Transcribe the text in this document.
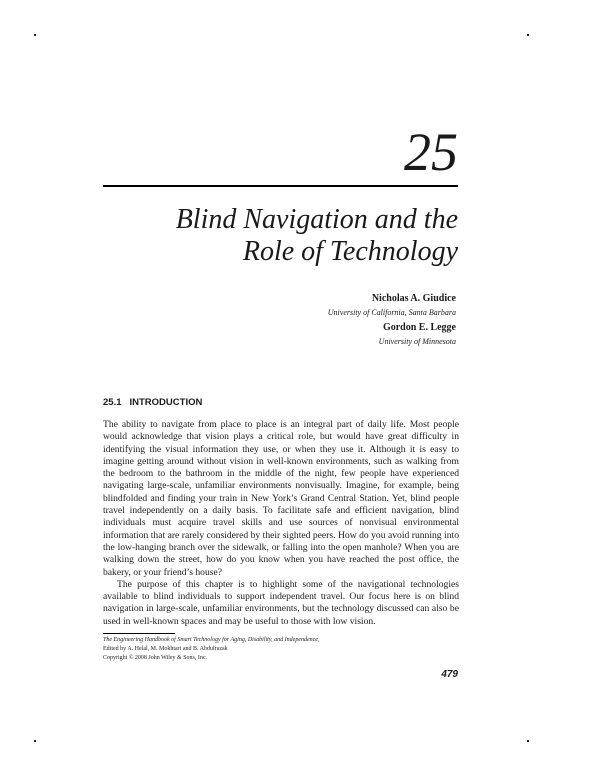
25
Blind Navigation and the
Role of Technology
Nicholas A. Giudice
University of California, Santa Barbara
Gordon E. Legge
University of Minnesota
25.1 INTRODUCTION

The ability to navigate from place to place is an integral part of daily life. Most people would acknowledge that vision plays a critical role, but would have great difficulty in identifying the visual information they use, or when they use it. Although it is easy to imagine getting around without vision in well-known environments, such as walking from the bedroom to the bathroom in the middle of the night, few people have experienced navigating large-scale, unfamiliar environments nonvisually. Imagine, for example, being blindfolded and finding your train in New York’s Grand Central Station. Yet, blind people travel independently on a daily basis. To facilitate safe and efficient navigation, blind individuals must acquire travel skills and use sources of nonvisual environmental information that are rarely considered by their sighted peers. How do you avoid running into the low-hanging branch over the sidewalk, or falling into the open manhole? When you are walking down the street, how do you know when you have reached the post office, the bakery, or your friend’s house?

The purpose of this chapter is to highlight some of the navigational technologies available to blind individuals to support independent travel. Our focus here is on blind navigation in large-scale, unfamiliar environments, but the technology discussed can also be used in well-known spaces and may be useful to those with low vision.

The Engineering Handbook of Smart Technology for Aging, Disability, and Independence,
Edited by A. Helal, M. Mokhtari and B. Abdulrazak
Copyright © 2008 John Wiley & Sons, Inc.
479
